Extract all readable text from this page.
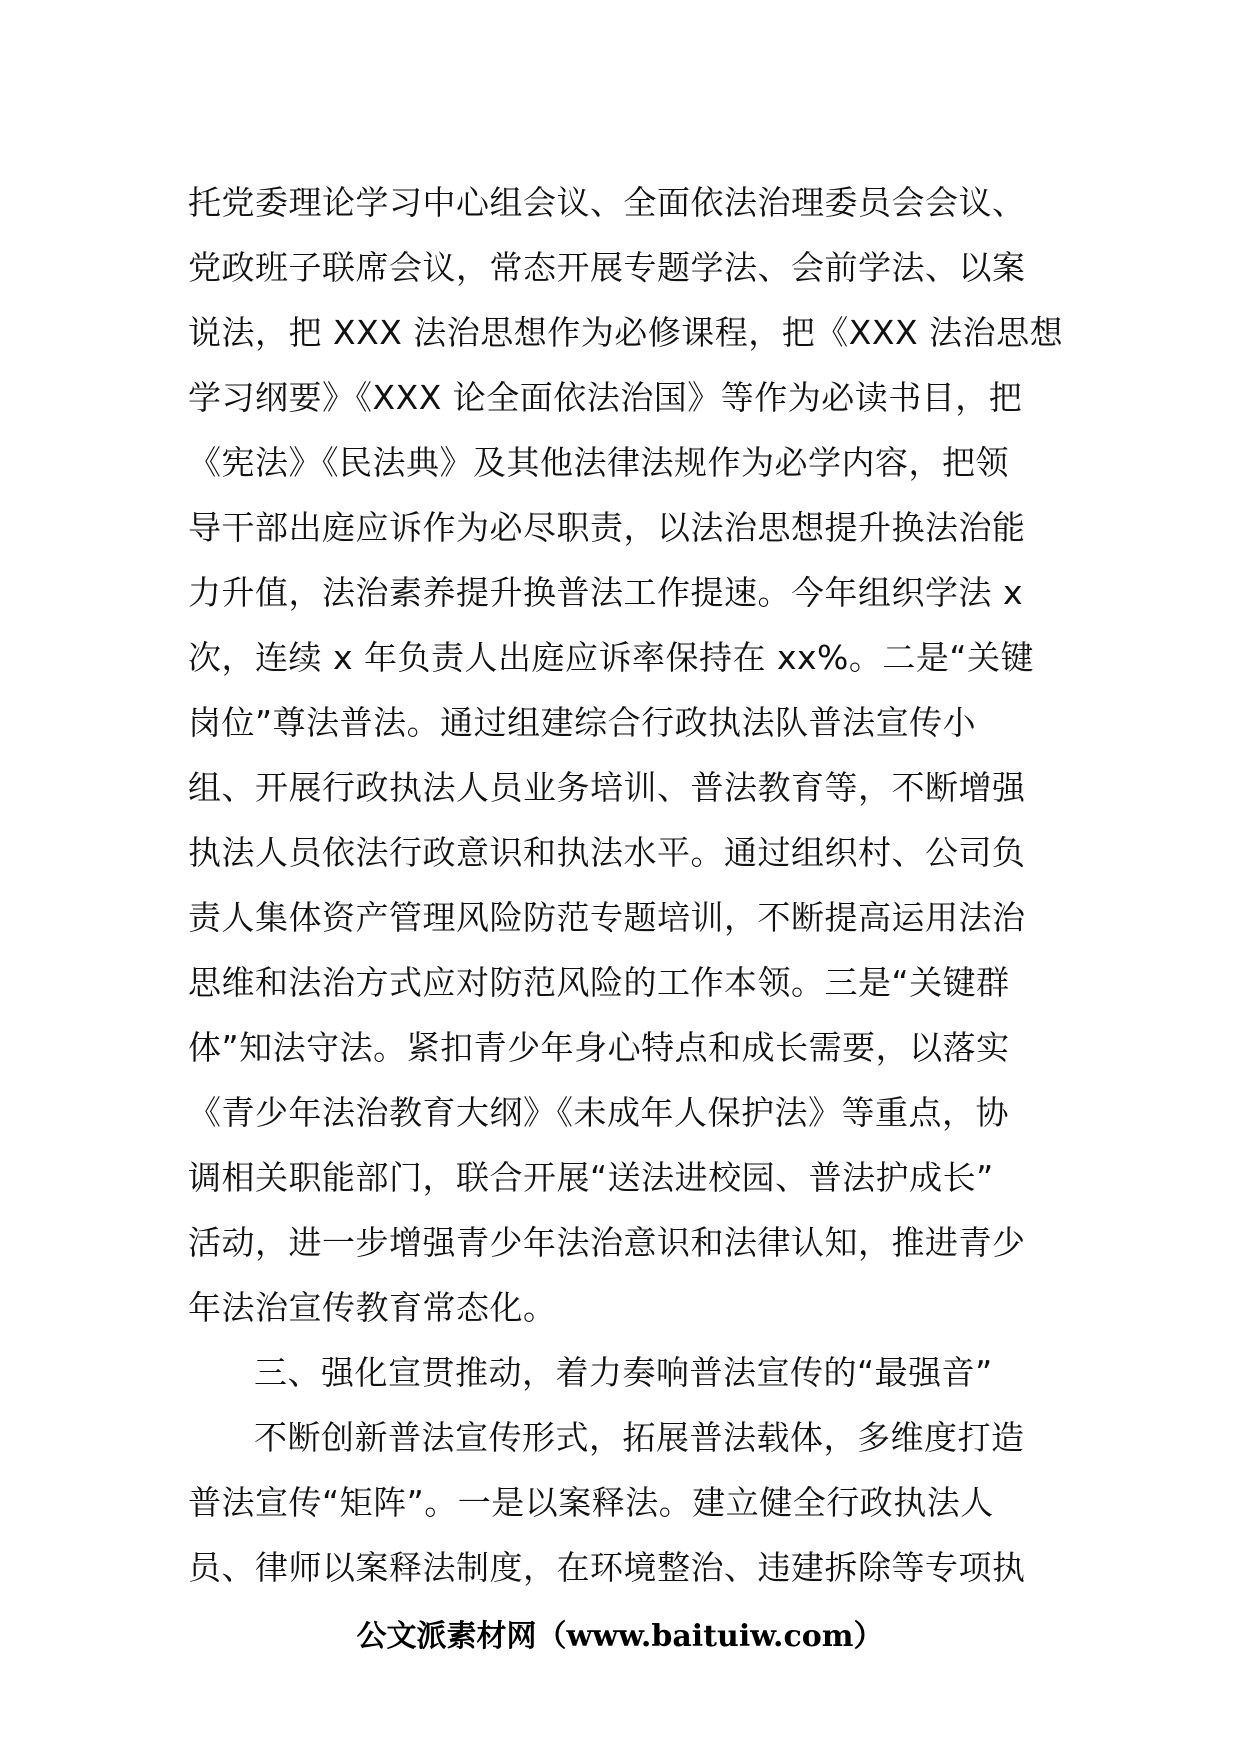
托党委理论学习中心组会议、全面依法治理委员会会议、
党政班子联席会议，常态开展专题学法、会前学法、以案
说法，把 XXX 法治思想作为必修课程，把《XXX 法治思想
学习纲要》《XXX 论全面依法治国》等作为必读书目，把
《宪法》《民法典》及其他法律法规作为必学内容，把领
导干部出庭应诉作为必尽职责，以法治思想提升换法治能
力升值，法治素养提升换普法工作提速。今年组织学法 x
次，连续 x 年负责人出庭应诉率保持在 xx%。二是“关键
岗位”尊法普法。通过组建综合行政执法队普法宣传小
组、开展行政执法人员业务培训、普法教育等，不断增强
执法人员依法行政意识和执法水平。通过组织村、公司负
责人集体资产管理风险防范专题培训，不断提高运用法治
思维和法治方式应对防范风险的工作本领。三是“关键群
体”知法守法。紧扣青少年身心特点和成长需要，以落实
《青少年法治教育大纲》《未成年人保护法》等重点，协
调相关职能部门，联合开展“送法进校园、普法护成长”
活动，进一步增强青少年法治意识和法律认知，推进青少
年法治宣传教育常态化。
三、强化宣贯推动，着力奏响普法宣传的“最强音”
不断创新普法宣传形式，拓展普法载体，多维度打造
普法宣传“矩阵”。一是以案释法。建立健全行政执法人
员、律师以案释法制度，在环境整治、违建拆除等专项执
公文派素材网（www.baituiw.com）
